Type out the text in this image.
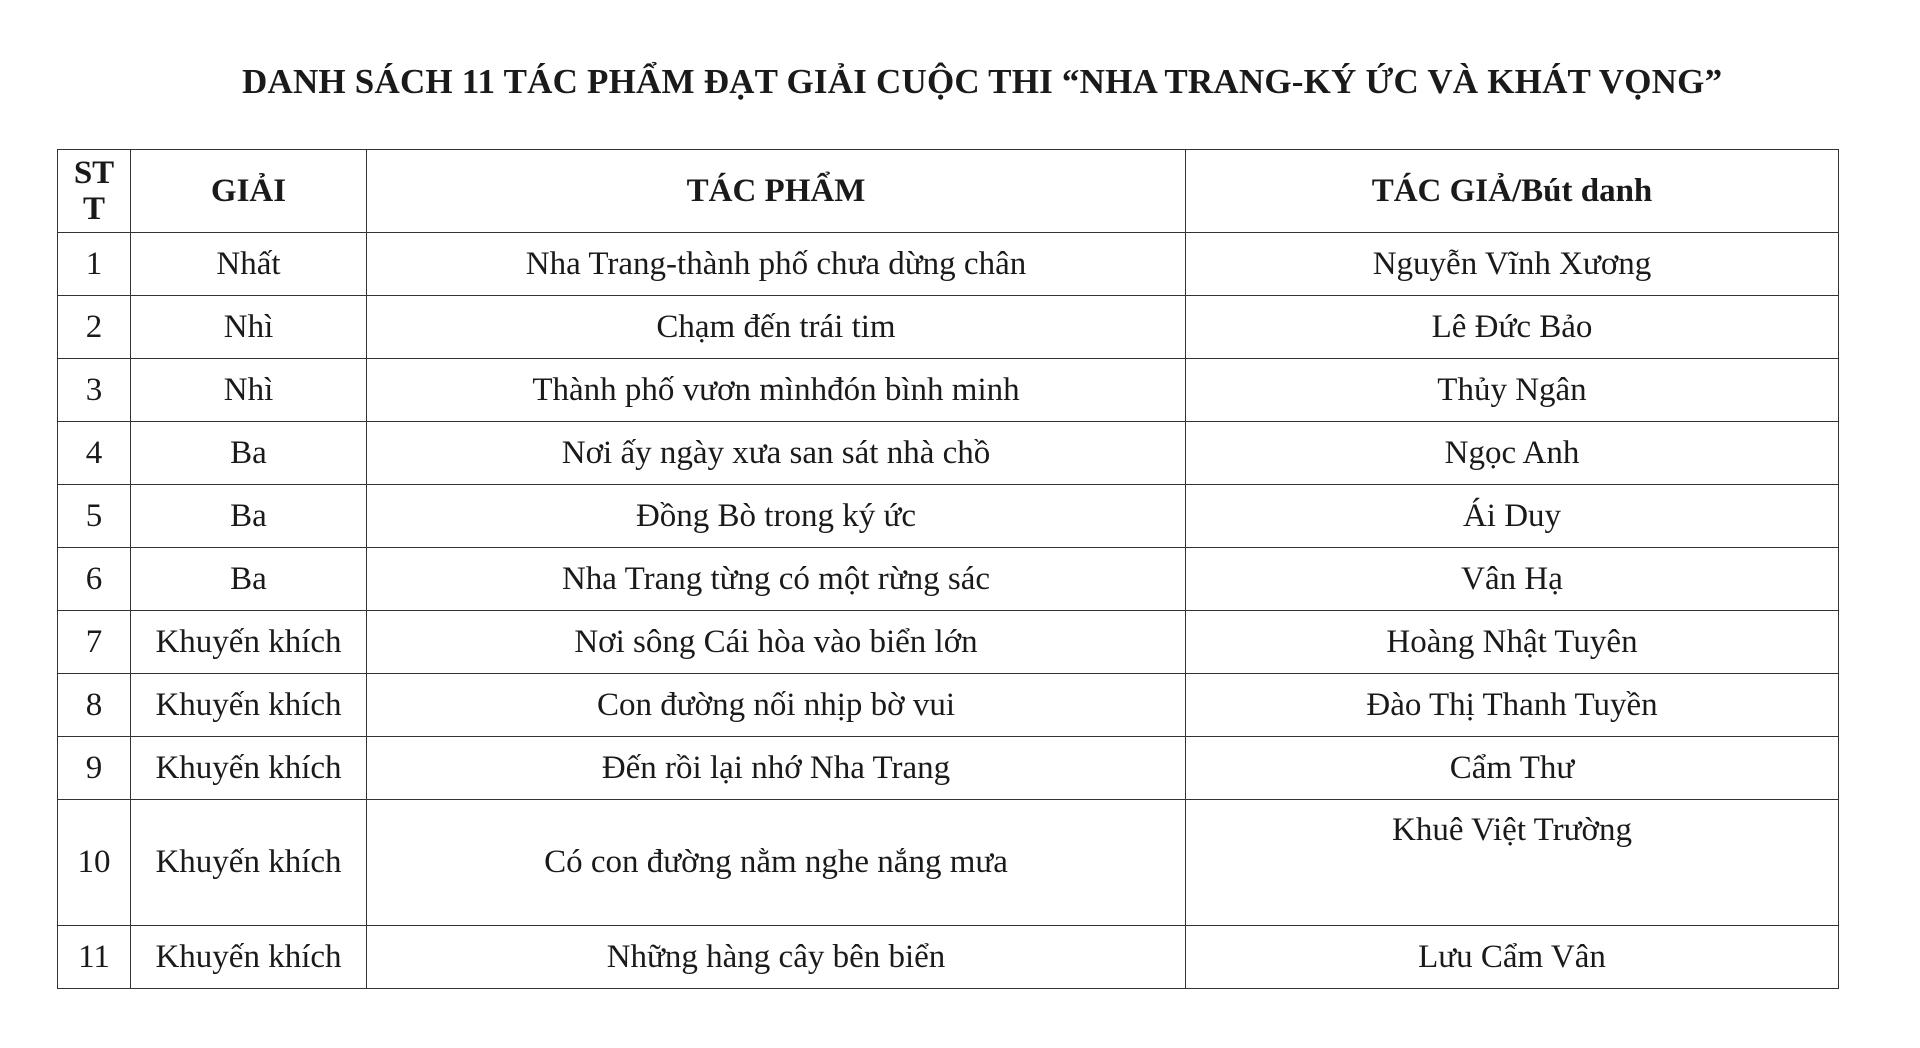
DANH SÁCH 11 TÁC PHẨM ĐẠT GIẢI CUỘC THI “NHA TRANG-KÝ ỨC VÀ KHÁT VỌNG”
STT	GIẢI	TÁC PHẨM	TÁC GIẢ/Bút danh
1	Nhất	Nha Trang-thành phố chưa dừng chân	Nguyễn Vĩnh Xương
2	Nhì	Chạm đến trái tim	Lê Đức Bảo
3	Nhì	Thành phố vươn mìnhđón bình minh	Thủy Ngân
4	Ba	Nơi ấy ngày xưa san sát nhà chồ	Ngọc Anh
5	Ba	Đồng Bò trong ký ức	Ái Duy
6	Ba	Nha Trang từng có một rừng sác	Vân Hạ
7	Khuyến khích	Nơi sông Cái hòa vào biển lớn	Hoàng Nhật Tuyên
8	Khuyến khích	Con đường nối nhịp bờ vui	Đào Thị Thanh Tuyền
9	Khuyến khích	Đến rồi lại nhớ Nha Trang	Cẩm Thư
10	Khuyến khích	Có con đường nằm nghe nắng mưa	Khuê Việt Trường
11	Khuyến khích	Những hàng cây bên biển	Lưu Cẩm Vân
